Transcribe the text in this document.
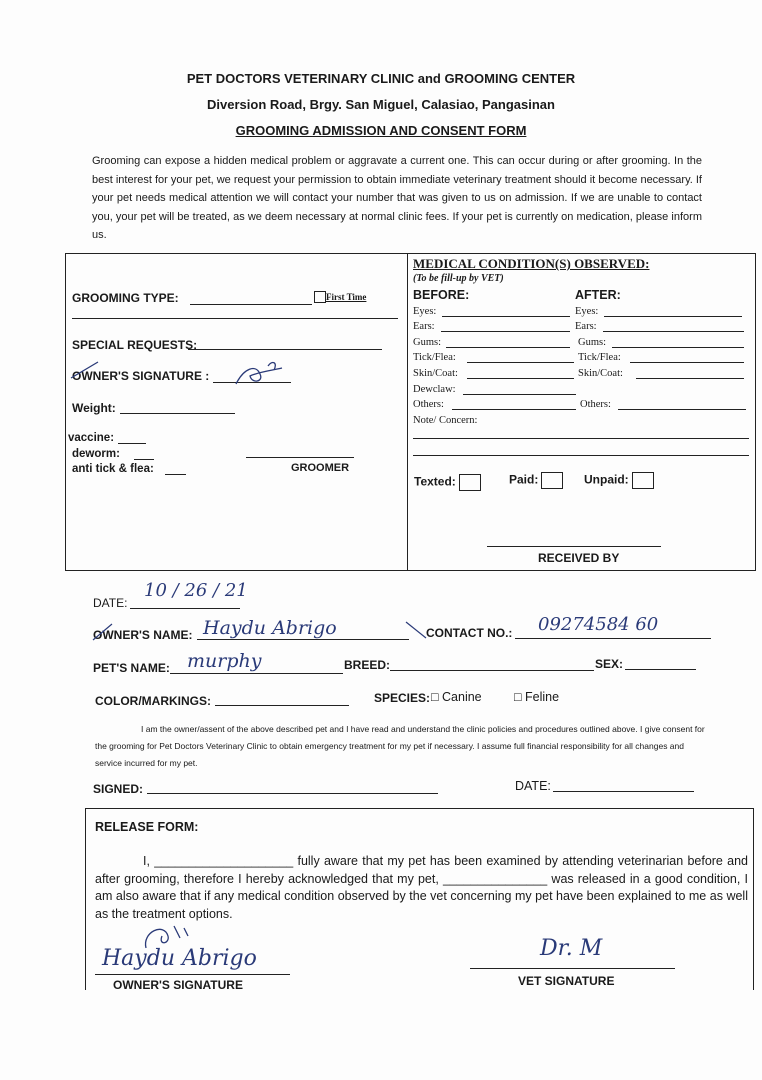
PET DOCTORS VETERINARY CLINIC and GROOMING CENTER
Diversion Road, Brgy. San Miguel, Calasiao, Pangasinan
GROOMING ADMISSION AND CONSENT FORM
Grooming can expose a hidden medical problem or aggravate a current one. This can occur during or after grooming. In the best interest for your pet, we request your permission to obtain immediate veterinary treatment should it become necessary. If your pet needs medical attention we will contact your number that was given to us on admission. If we are unable to contact you, your pet will be treated, as we deem necessary at normal clinic fees. If your pet is currently on medication, please inform us.
GROOMING TYPE:	First Time
SPECIAL REQUESTS:
OWNER'S SIGNATURE :
Weight:
vaccine:
deworm:
anti tick & flea:	GROOMER
MEDICAL CONDITION(S) OBSERVED:
(To be fill-up by VET)
BEFORE:	AFTER:
Eyes:	Eyes:
Ears:	Ears:
Gums:	Gums:
Tick/Flea:	Tick/Flea:
Skin/Coat:	Skin/Coat:
Dewclaw:
Others:	Others:
Note/ Concern:
Texted:	Paid:	Unpaid:
RECEIVED BY
DATE:
10 / 26 / 21
OWNER'S NAME: Haydu Abrigo	CONTACT NO.: 09274584 60
PET'S NAME: murphy	BREED:	SEX:
COLOR/MARKINGS:	SPECIES: □ Canine	□ Feline
I am the owner/assent of the above described pet and I have read and understand the clinic policies and procedures outlined above. I give consent for the grooming for Pet Doctors Veterinary Clinic to obtain emergency treatment for my pet if necessary. I assume full financial responsibility for all changes and service incurred for my pet.
SIGNED:	DATE:
RELEASE FORM:
I, ____________________ fully aware that my pet has been examined by attending veterinarian before and after grooming, therefore I hereby acknowledged that my pet, _______________ was released in a good condition, I am also aware that if any medical condition observed by the vet concerning my pet have been explained to me as well as the treatment options.
Haydu Abrigo
OWNER'S SIGNATURE
Dr. M
VET SIGNATURE
